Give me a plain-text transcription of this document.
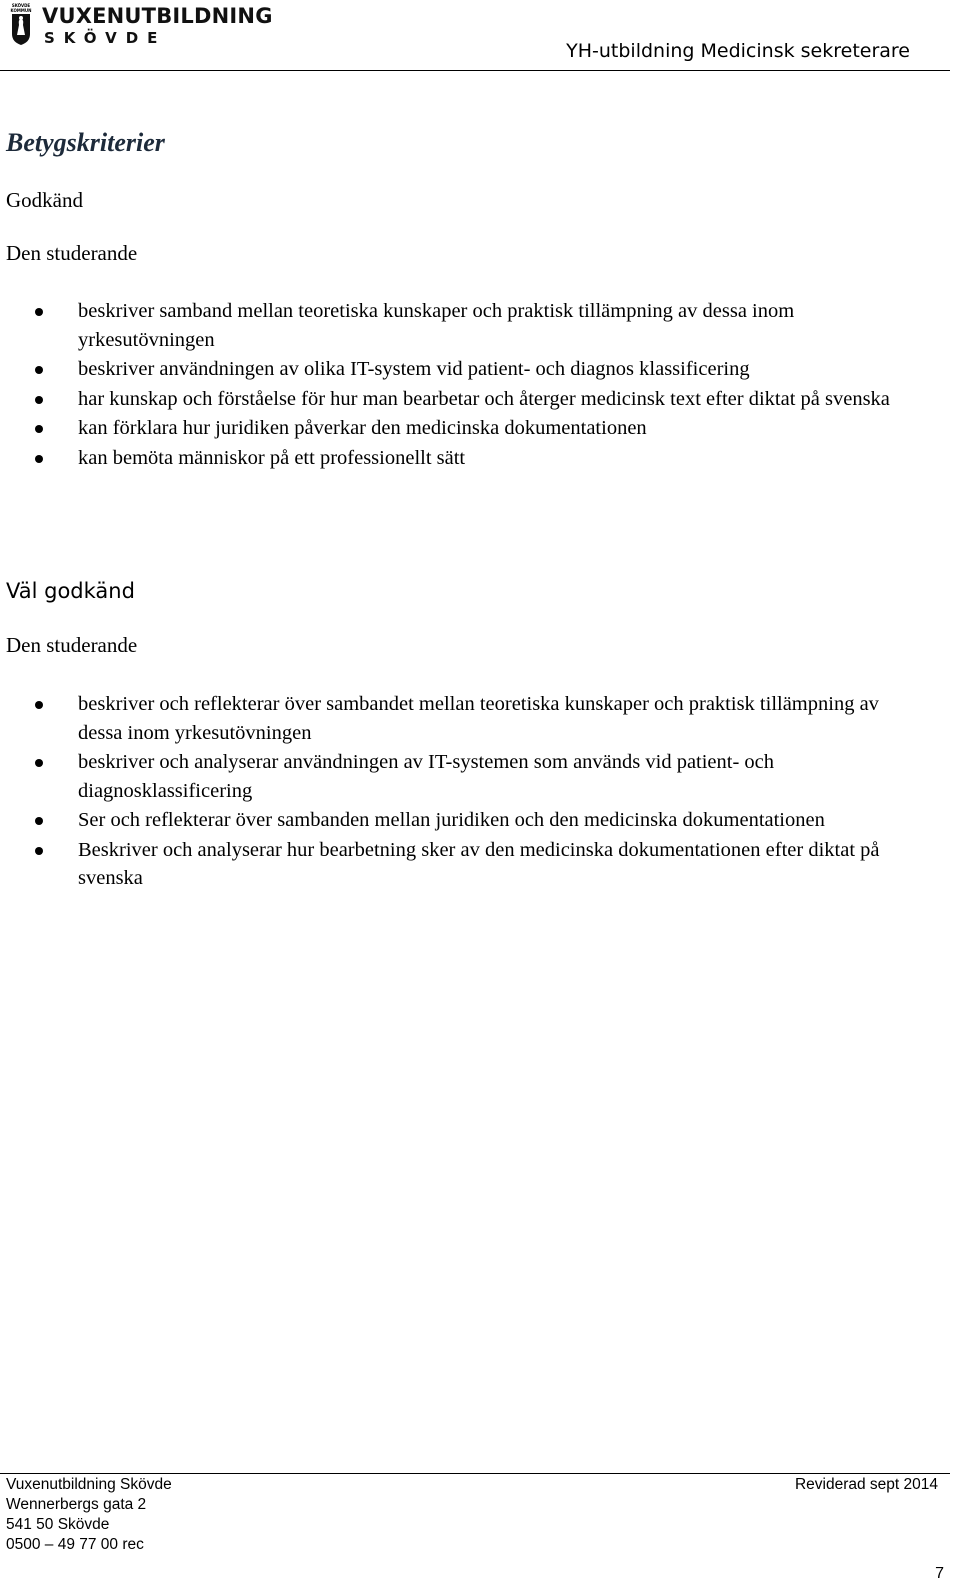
SKÖVDE
KOMMUN VUXENUTBILDNING
SKÖVDE
YH-utbildning Medicinsk sekreterare
Betygskriterier
Godkänd
Den studerande
beskriver samband mellan teoretiska kunskaper och praktisk tillämpning av dessa inom yrkesutövningen
beskriver användningen av olika IT-system vid patient- och diagnos klassificering
har kunskap och förståelse för hur man bearbetar och återger medicinsk text efter diktat på svenska
kan förklara hur juridiken påverkar den medicinska dokumentationen
kan bemöta människor på ett professionellt sätt
Väl godkänd
Den studerande
beskriver och reflekterar över sambandet mellan teoretiska kunskaper och praktisk tillämpning av dessa inom yrkesutövningen
beskriver och analyserar användningen av IT-systemen som används vid patient- och diagnosklassificering
Ser och reflekterar över sambanden mellan juridiken och den medicinska dokumentationen
Beskriver och analyserar hur bearbetning sker av den medicinska dokumentationen efter diktat på svenska
Vuxenutbildning Skövde
Wennerbergs gata 2
541 50 Skövde
0500 – 49 77 00 rec
Reviderad sept 2014
7
